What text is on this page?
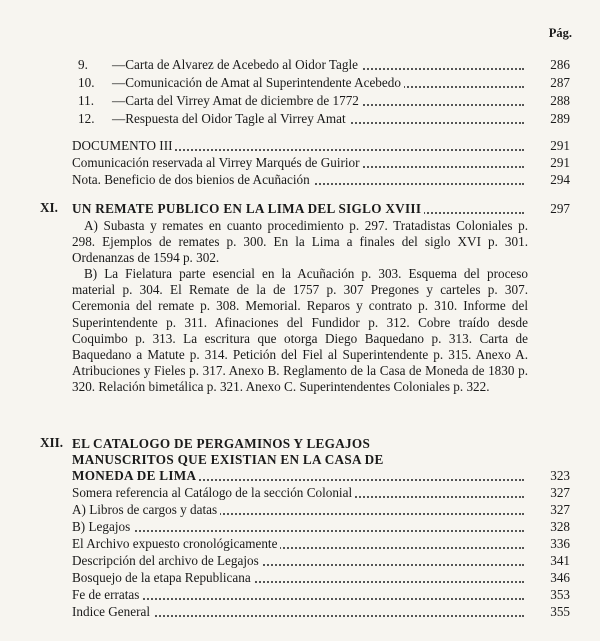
Pág.
9. —Carta de Alvarez de Acebedo al Oidor Tagle	286
10. —Comunicación de Amat al Superintendente Acebedo	287
11. —Carta del Virrey Amat de diciembre de 1772	288
12. —Respuesta del Oidor Tagle al Virrey Amat	289
DOCUMENTO III	291
Comunicación reservada al Virrey Marqués de Guirior	291
Nota. Beneficio de dos bienios de Acuñación	294
XI. UN REMATE PUBLICO EN LA LIMA DEL SIGLO XVIII	297
A) Subasta y remates en cuanto procedimiento p. 297. Tratadistas Coloniales p. 298. Ejemplos de remates p. 300. En la Lima a finales del siglo XVI p. 301. Ordenanzas de 1594 p. 302.
B) La Fielatura parte esencial en la Acuñación p. 303. Esquema del proceso material p. 304. El Remate de la de 1757 p. 307 Pregones y carteles p. 307. Ceremonia del remate p. 308. Memorial. Reparos y contrato p. 310. Informe del Superintendente p. 311. Afinaciones del Fundidor p. 312. Cobre traído desde Coquimbo p. 313. La escritura que otorga Diego Baquedano p. 313. Carta de Baquedano a Matute p. 314. Petición del Fiel al Superintendente p. 315. Anexo A. Atribuciones y Fieles p. 317. Anexo B. Reglamento de la Casa de Moneda de 1830 p. 320. Relación bimetálica p. 321. Anexo C. Superintendentes Coloniales p. 322.
XII. EL CATALOGO DE PERGAMINOS Y LEGAJOS
MANUSCRITOS QUE EXISTIAN EN LA CASA DE
MONEDA DE LIMA	323
Somera referencia al Catálogo de la sección Colonial	327
A) Libros de cargos y datas	327
B) Legajos	328
El Archivo expuesto cronológicamente	336
Descripción del archivo de Legajos	341
Bosquejo de la etapa Republicana	346
Fe de erratas	353
Indice General	355
